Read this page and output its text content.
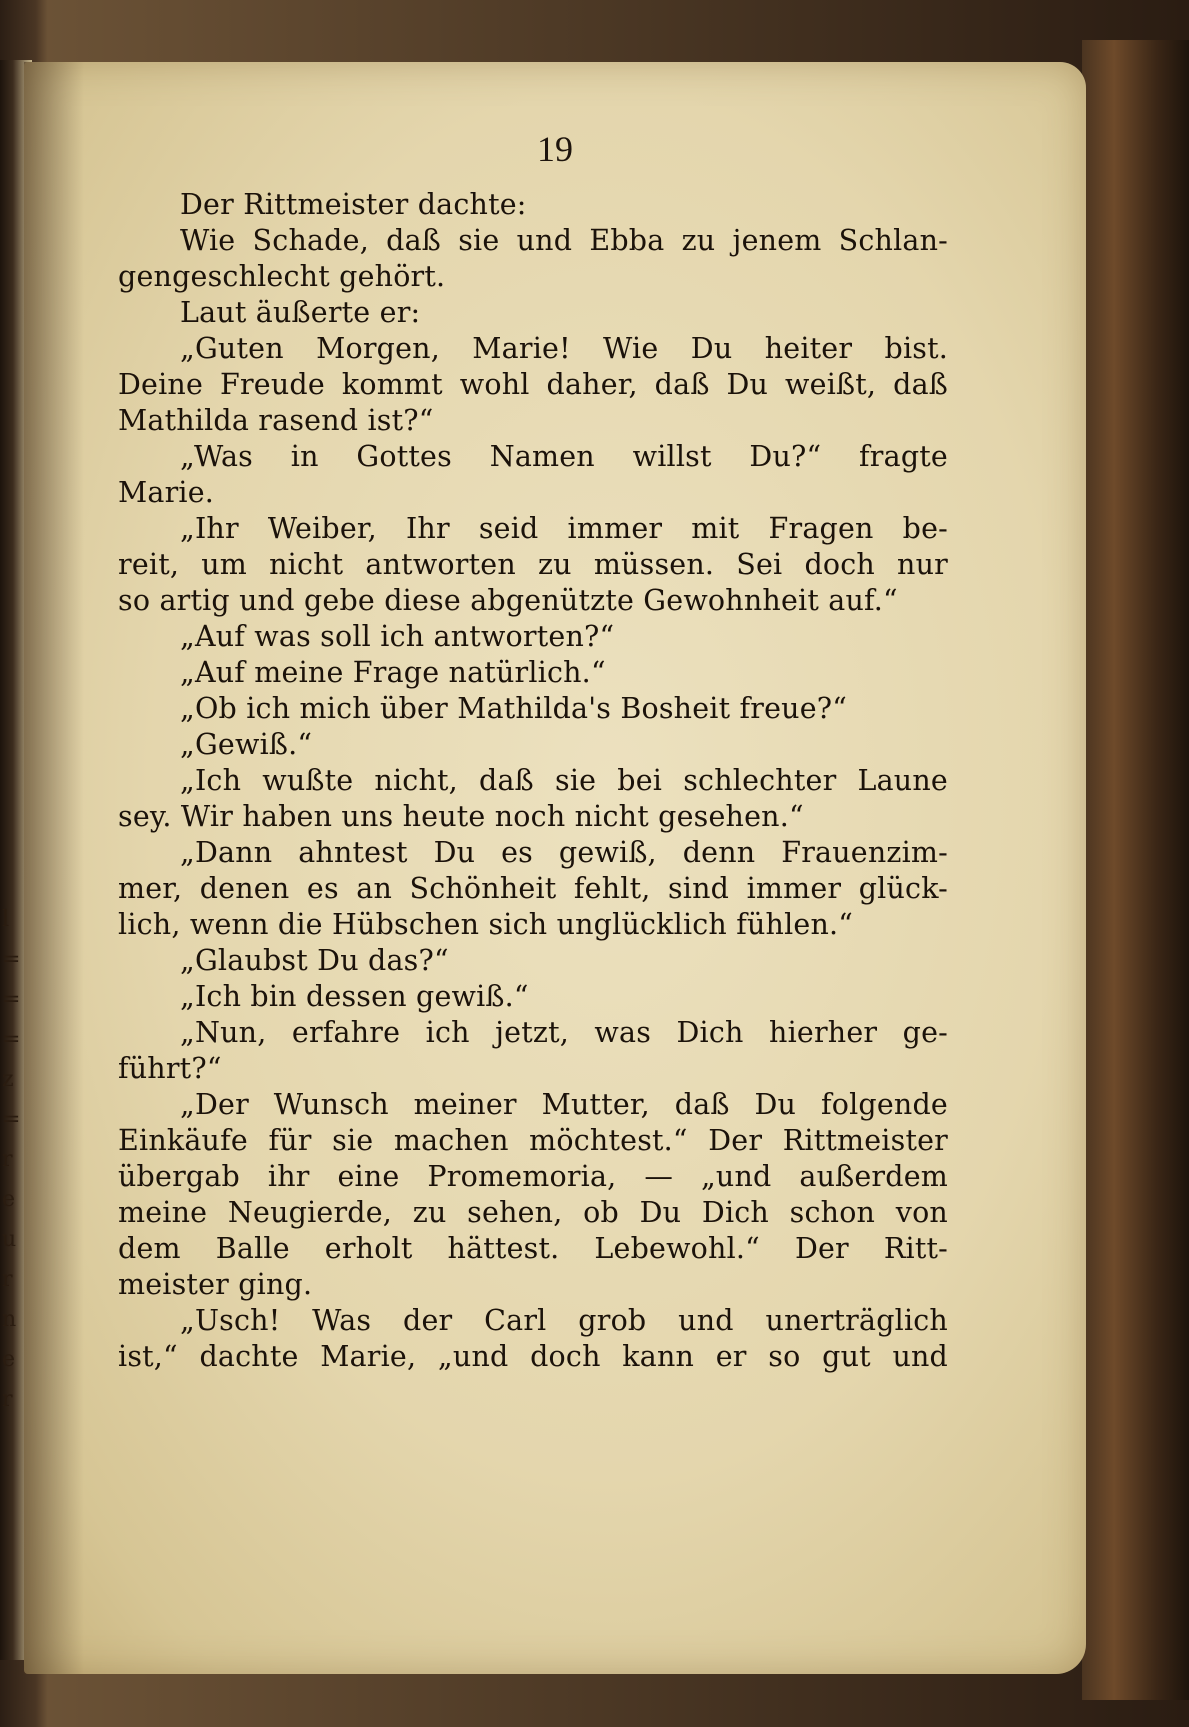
l
=
=
=
z
=
r
e
u
r
n
e
r
19
Der Rittmeister dachte:
Wie Schade, daß sie und Ebba zu jenem Schlan-
gengeschlecht gehört.
Laut äußerte er:
„Guten Morgen, Marie! Wie Du heiter bist.
Deine Freude kommt wohl daher, daß Du weißt, daß
Mathilda rasend ist?“
„Was in Gottes Namen willst Du?“ fragte
Marie.
„Ihr Weiber, Ihr seid immer mit Fragen be-
reit, um nicht antworten zu müssen. Sei doch nur
so artig und gebe diese abgenützte Gewohnheit auf.“
„Auf was soll ich antworten?“
„Auf meine Frage natürlich.“
„Ob ich mich über Mathilda's Bosheit freue?“
„Gewiß.“
„Ich wußte nicht, daß sie bei schlechter Laune
sey. Wir haben uns heute noch nicht gesehen.“
„Dann ahntest Du es gewiß, denn Frauenzim-
mer, denen es an Schönheit fehlt, sind immer glück-
lich, wenn die Hübschen sich unglücklich fühlen.“
„Glaubst Du das?“
„Ich bin dessen gewiß.“
„Nun, erfahre ich jetzt, was Dich hierher ge-
führt?“
„Der Wunsch meiner Mutter, daß Du folgende
Einkäufe für sie machen möchtest.“ Der Rittmeister
übergab ihr eine Promemoria, — „und außerdem
meine Neugierde, zu sehen, ob Du Dich schon von
dem Balle erholt hättest. Lebewohl.“ Der Ritt-
meister ging.
„Usch! Was der Carl grob und unerträglich
ist,“ dachte Marie, „und doch kann er so gut und
